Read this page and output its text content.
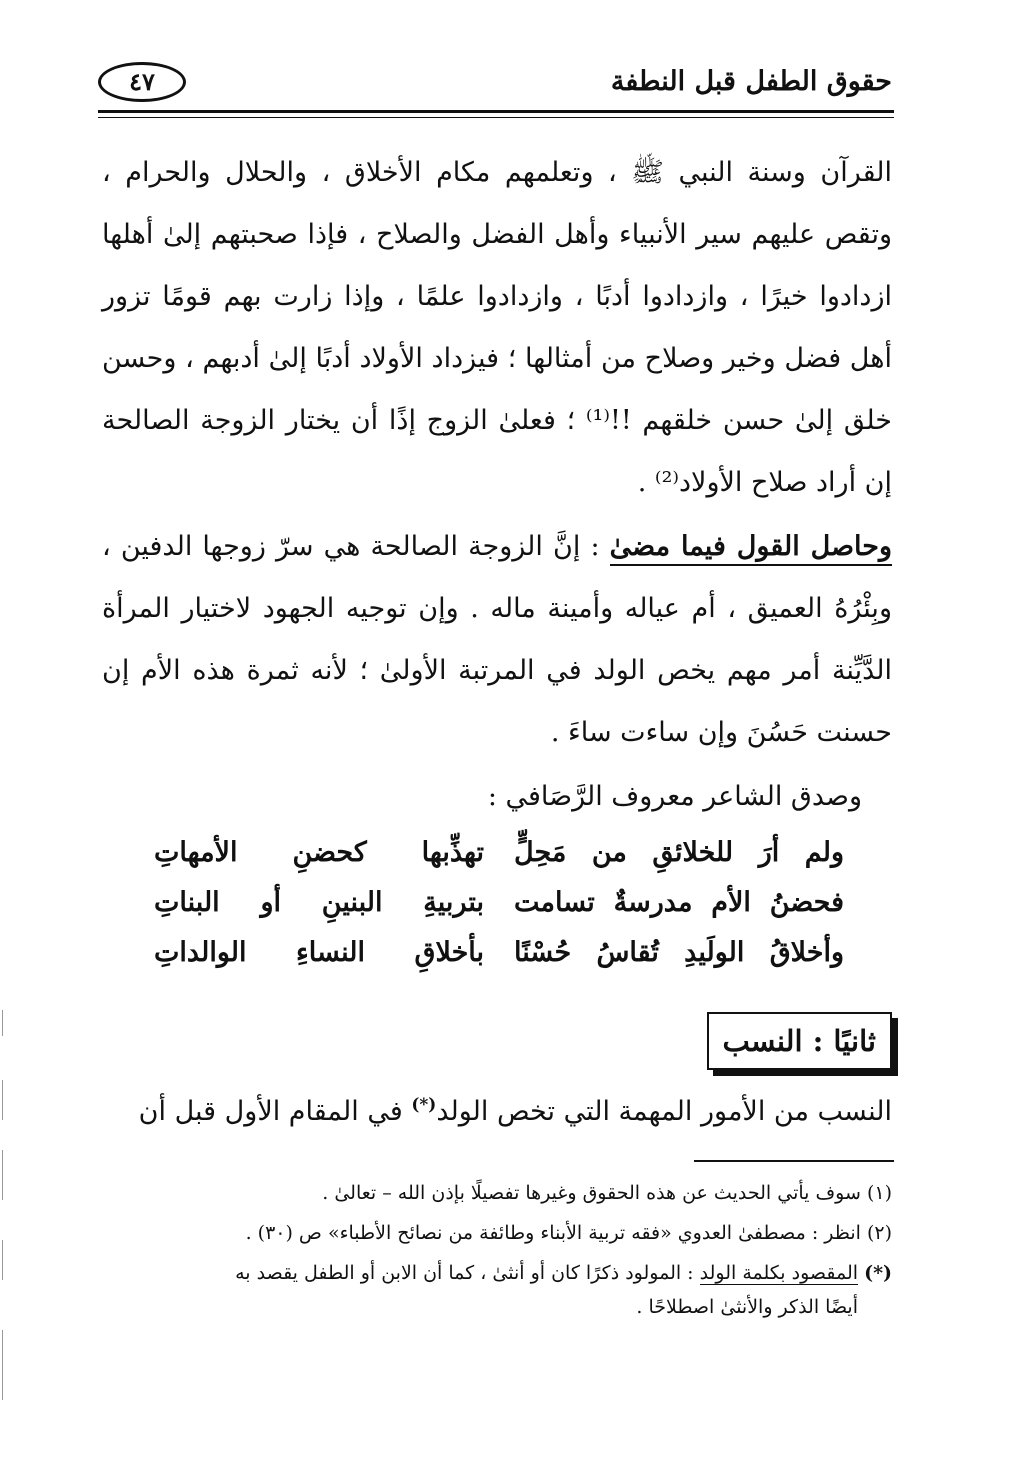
حقوق الطفل قبل النطفة
٤٧

القرآن وسنة النبي ﷺ ، وتعلمهم مكام الأخلاق ، والحلال والحرام ، وتقص عليهم سير الأنبياء وأهل الفضل والصلاح ، فإذا صحبتهم إلىٰ أهلها ازدادوا خيرًا ، وازدادوا أدبًا ، وازدادوا علمًا ، وإذا زارت بهم قومًا تزور أهل فضل وخير وصلاح من أمثالها ؛ فيزداد الأولاد أدبًا إلىٰ أدبهم ، وحسن خلق إلىٰ حسن خلقهم !!⁽¹⁾ ؛ فعلىٰ الزوج إذًا أن يختار الزوجة الصالحة إن أراد صلاح الأولاد⁽²⁾ .

وحاصل القول فيما مضىٰ : إنَّ الزوجة الصالحة هي سرّ زوجها الدفين ، وبِئْرُهُ العميق ، أم عياله وأمينة ماله . وإن توجيه الجهود لاختيار المرأة الدَّيِّنة أمر مهم يخص الولد في المرتبة الأولىٰ ؛ لأنه ثمرة هذه الأم إن حسنت حَسُنَ وإن ساءت ساءَ .

وصدق الشاعر معروف الرَّصَافي :

ولم أرَ للخلائقِ من مَحِلٍّ
تهذِّبها كحضنِ الأمهاتِ
فحضنُ الأم مدرسةٌ تسامت
بتربيةِ البنينِ أو البناتِ
وأخلاقُ الولَيدِ تُقاسُ حُسْنًا
بأخلاقِ النساءِ الوالداتِ
ثانيًا : النسب

النسب من الأمور المهمة التي تخص الولد(*) في المقام الأول قبل أن

(١) سوف يأتي الحديث عن هذه الحقوق وغيرها تفصيلًا بإذن الله – تعالىٰ .
(٢) انظر : مصطفىٰ العدوي «فقه تربية الأبناء وطائفة من نصائح الأطباء» ص (٣٠) .
(*) المقصود بكلمة الولد : المولود ذكرًا كان أو أنثىٰ ، كما أن الابن أو الطفل يقصد به
أيضًا الذكر والأنثىٰ اصطلاحًا .
